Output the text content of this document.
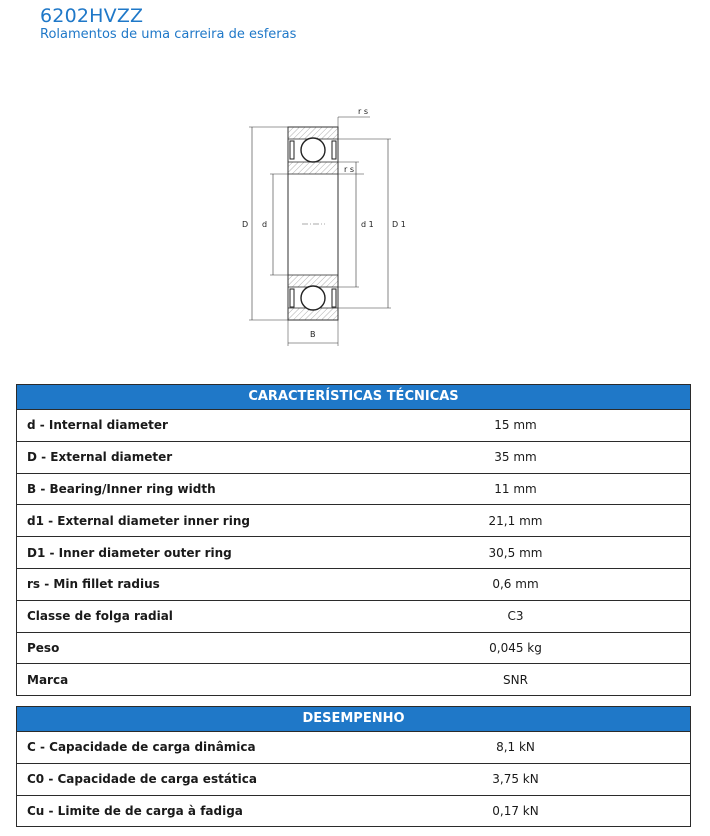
6202HVZZ
Rolamentos de uma carreira de esferas
D d	d 1 D 1
B
r s
r s
CARACTERÍSTICAS TÉCNICAS
d - Internal diameter	15 mm
D - External diameter	35 mm
B - Bearing/Inner ring width	11 mm
d1 - External diameter inner ring	21,1 mm
D1 - Inner diameter outer ring	30,5 mm
rs - Min fillet radius	0,6 mm
Classe de folga radial	C3
Peso	0,045 kg
Marca	SNR
DESEMPENHO
C - Capacidade de carga dinâmica	8,1 kN
C0 - Capacidade de carga estática	3,75 kN
Cu - Limite de de carga à fadiga	0,17 kN
